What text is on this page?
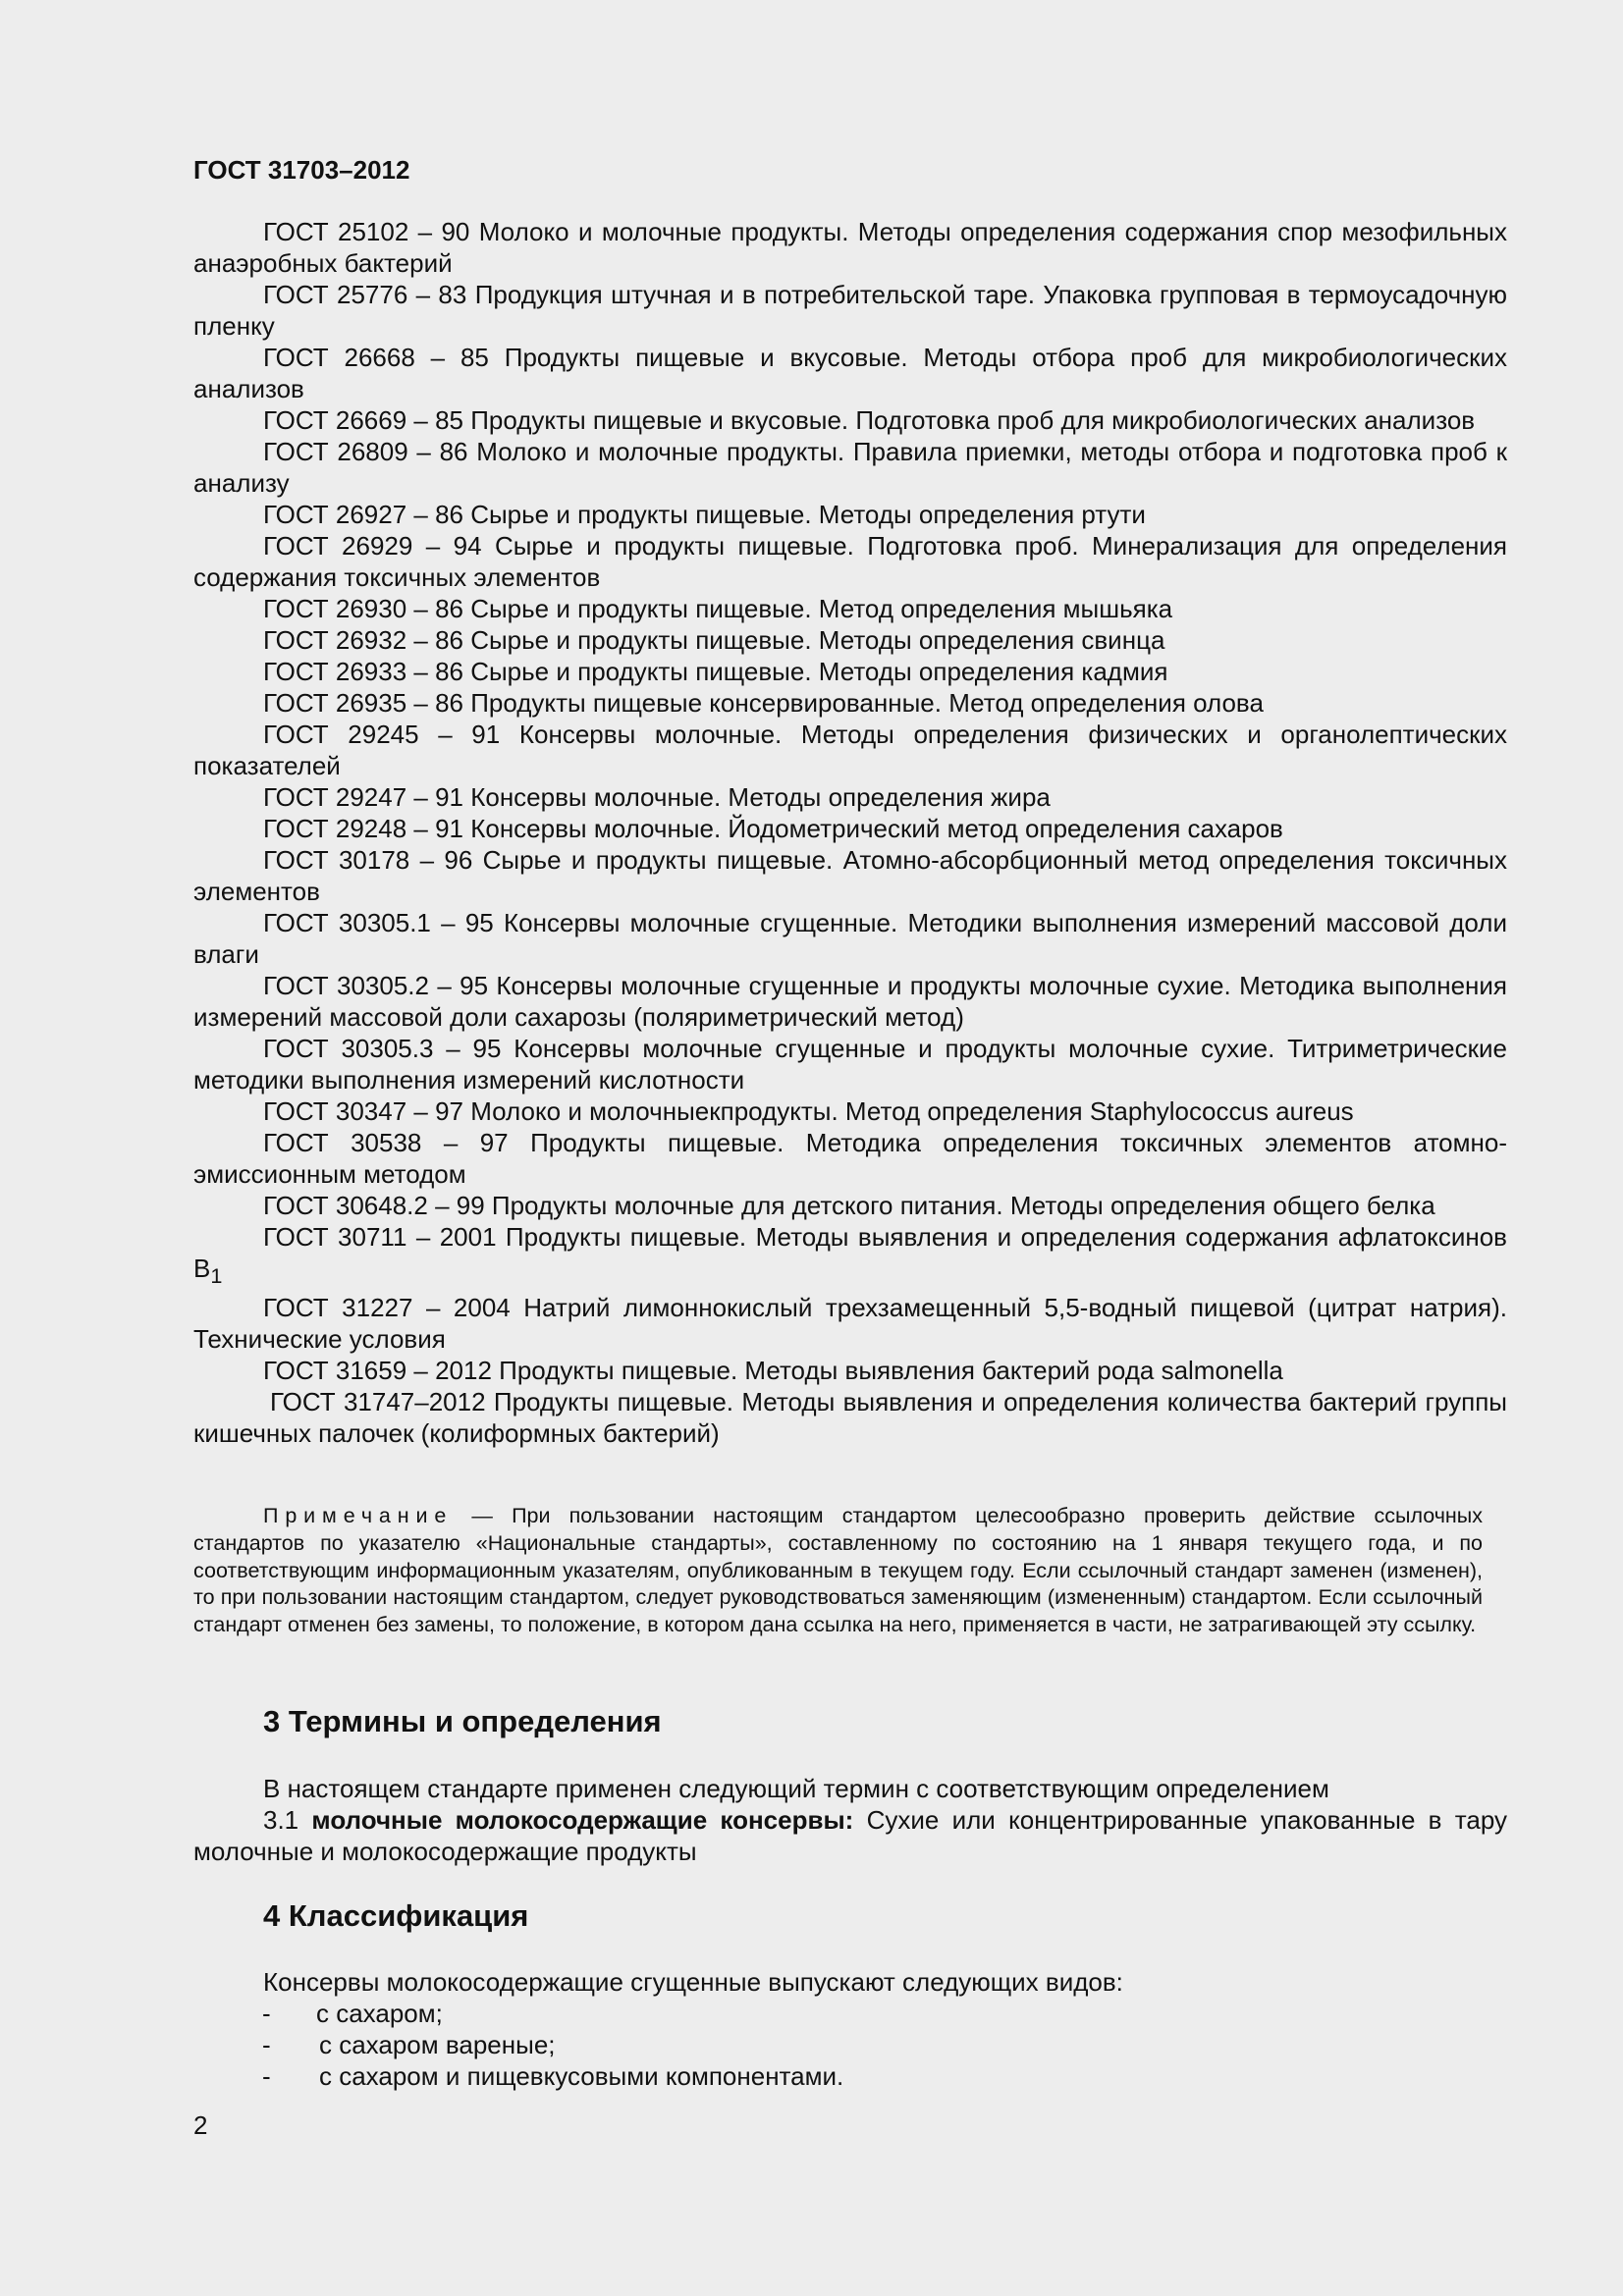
ГОСТ 31703–2012

ГОСТ 25102 – 90 Молоко и молочные продукты. Методы определения содержания спор мезофильных анаэробных бактерий

ГОСТ 25776 – 83 Продукция штучная и в потребительской таре. Упаковка групповая в термоусадочную пленку

ГОСТ 26668 – 85 Продукты пищевые и вкусовые. Методы отбора проб для микробиологических анализов

ГОСТ 26669 – 85 Продукты пищевые и вкусовые. Подготовка проб для микробиологических анализов

ГОСТ 26809 – 86 Молоко и молочные продукты. Правила приемки, методы отбора и подготовка проб к анализу

ГОСТ 26927 – 86 Сырье и продукты пищевые. Методы определения ртути

ГОСТ 26929 – 94 Сырье и продукты пищевые. Подготовка проб. Минерализация для определения содержания токсичных элементов

ГОСТ 26930 – 86 Сырье и продукты пищевые. Метод определения мышьяка

ГОСТ 26932 – 86 Сырье и продукты пищевые. Методы определения свинца

ГОСТ 26933 – 86 Сырье и продукты пищевые. Методы определения кадмия

ГОСТ 26935 – 86 Продукты пищевые консервированные. Метод определения олова

ГОСТ 29245 – 91 Консервы молочные. Методы определения физических и органолептических показателей

ГОСТ 29247 – 91 Консервы молочные. Методы определения жира

ГОСТ 29248 – 91 Консервы молочные. Йодометрический метод определения сахаров

ГОСТ 30178 – 96 Сырье и продукты пищевые. Атомно-абсорбционный метод определения токсичных элементов

ГОСТ 30305.1 – 95 Консервы молочные сгущенные. Методики выполнения измерений массовой доли влаги

ГОСТ 30305.2 – 95 Консервы молочные сгущенные и продукты молочные сухие. Методика выполнения измерений массовой доли сахарозы (поляриметрический метод)

ГОСТ 30305.3 – 95 Консервы молочные сгущенные и продукты молочные сухие. Титриметрические методики выполнения измерений кислотности

ГОСТ 30347 – 97 Молоко и молочныекпродукты. Метод определения Staphylococcus aureus

ГОСТ 30538 – 97 Продукты пищевые. Методика определения токсичных элементов атомно-эмиссионным методом

ГОСТ 30648.2 – 99 Продукты молочные для детского питания. Методы определения общего белка

ГОСТ 30711 – 2001 Продукты пищевые. Методы выявления и определения содержания афлатоксинов $B_1$

ГОСТ 31227 – 2004 Натрий лимоннокислый трехзамещенный 5,5-водный пищевой (цитрат натрия). Технические условия

ГОСТ 31659 – 2012 Продукты пищевые. Методы выявления бактерий рода salmonella

ГОСТ 31747–2012 Продукты пищевые. Методы выявления и определения количества бактерий группы кишечных палочек (колиформных бактерий)

Примечание — При пользовании настоящим стандартом целесообразно проверить действие ссылочных стандартов по указателю «Национальные стандарты», составленному по состоянию на 1 января текущего года, и по соответствующим информационным указателям, опубликованным в текущем году. Если ссылочный стандарт заменен (изменен), то при пользовании настоящим стандартом, следует руководствоваться заменяющим (измененным) стандартом. Если ссылочный стандарт отменен без замены, то положение, в котором дана ссылка на него, применяется в части, не затрагивающей эту ссылку.

3 Термины и определения

В настоящем стандарте применен следующий термин с соответствующим определением

3.1 молочные молокосодержащие консервы: Сухие или концентрированные упакованные в тару молочные и молокосодержащие продукты

4 Классификация

Консервы молокосодержащие сгущенные выпускают следующих видов:

- с сахаром;

- с сахаром вареные;

- с сахаром и пищевкусовыми компонентами.

2
